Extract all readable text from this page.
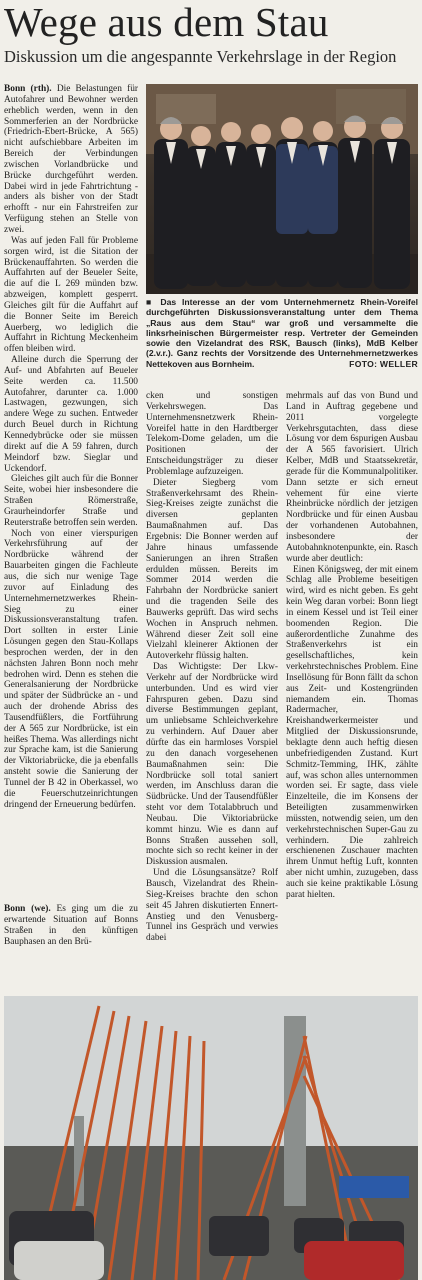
Wege aus dem Stau
Diskussion um die angespannte Verkehrslage in der Region

Bonn (rth). Die Belastungen für Autofahrer und Bewohner werden erheblich werden, wenn in den Sommerferien an der Nordbrücke (Friedrich-Ebert-Brücke, A 565) nicht aufschiebbare Arbeiten im Bereich der Verbindungen zwischen Vorlandbrücke und Brücke durchgeführt werden. Dabei wird in jede Fahrtrichtung - anders als bisher von der Stadt erhofft - nur ein Fahrstreifen zur Verfügung stehen an Stelle von zwei.

Was auf jeden Fall für Probleme sorgen wird, ist die Sitation der Brückenauffahrten. So werden die Auffahrten auf der Beueler Seite, die auf die L 269 münden bzw. abzweigen, komplett gesperrt. Gleiches gilt für die Auffahrt auf die Bonner Seite im Bereich Auerberg, wo lediglich die Auffahrt in Richtung Meckenheim offen bleiben wird.

Alleine durch die Sperrung der Auf- und Abfahrten auf Beueler Seite werden ca. 11.500 Autofahrer, darunter ca. 1.000 Lastwagen, gezwungen, sich andere Wege zu suchen. Entweder durch Beuel durch in Richtung Kennedybrücke oder sie müssen direkt auf die A 59 fahren, durch Meindorf bzw. Sieglar und Uckendorf.

Gleiches gilt auch für die Bonner Seite, wobei hier insbesondere die Straßen Römerstraße, Graurheindorfer Straße und Reuterstraße betroffen sein werden.

Noch von einer vierspurigen Verkehrsführung auf der Nordbrücke während der Bauarbeiten gingen die Fachleute aus, die sich nur wenige Tage zuvor auf Einladung des Unternehmernetzwerkes Rhein-Sieg zu einer Diskussionsveranstaltung trafen. Dort sollten in erster Linie Lösungen gegen den Stau-Kollaps besprochen werden, der in den nächsten Jahren Bonn noch mehr bedrohen wird. Denn es stehen die Generalsanierung der Nordbrücke und später der Südbrücke an - und auch der drohende Abriss des Tausendfüßlers, die Fortführung der A 565 zur Nordbrücke, ist ein heißes Thema. Was allerdings nicht zur Sprache kam, ist die Sanierung der Viktoriabrücke, die ja ebenfalls ansteht sowie die Sanierung der Tunnel der B 42 in Oberkassel, wo die Feuerschutzeinrichtungen dringend der Erneuerung bedürfen.

Bonn (we). Es ging um die zu erwartende Situation auf Bonns Straßen in den künftigen Bauphasen an den Brü-

■ Das Interesse an der vom Unternehmernetz Rhein-Voreifel durchgeführten Diskussionsveranstaltung unter dem Thema „Raus aus dem Stau“ war groß und versammelte die linksrheinischen Bürgermeister resp. Vertreter der Gemeinden sowie den Vizelandrat des RSK, Bausch (links), MdB Kelber (2.v.r.). Ganz rechts der Vorsitzende des Unternehmernetzwerkes Nettekoven aus Bornheim.	FOTO: WELLER

cken und sonstigen Verkehrswegen. Das Unternehmensnetzwerk Rhein-Voreifel hatte in den Hardtberger Telekom-Dome geladen, um die Positionen der Entscheidungsträger zu dieser Problemlage aufzuzeigen.

Dieter Siegberg vom Straßenverkehrsamt des Rhein-Sieg-Kreises zeigte zunächst die diversen geplanten Baumaßnahmen auf. Das Ergebnis: Die Bonner werden auf Jahre hinaus umfassende Sanierungen an ihren Straßen erdulden müssen. Bereits im Sommer 2014 werden die Fahrbahn der Nordbrücke saniert und die tragenden Seile des Bauwerks geprüft. Das wird sechs Wochen in Anspruch nehmen. Während dieser Zeit soll eine Vielzahl kleinerer Aktionen der Autoverkehr flüssig halten.

Das Wichtigste: Der Lkw-Verkehr auf der Nordbrücke wird unterbunden. Und es wird vier Fahrspuren geben. Dazu sind diverse Bestimmungen geplant, um unliebsame Schleichverkehre zu verhindern. Auf Dauer aber dürfte das ein harmloses Vorspiel zu den danach vorgesehenen Baumaßnahmen sein: Die Nordbrücke soll total saniert werden, im Anschluss daran die Südbrücke. Und der Tausendfüßler steht vor dem Totalabbruch und Neubau. Die Viktoriabrücke kommt hinzu. Wie es dann auf Bonns Straßen aussehen soll, mochte sich so recht keiner in der Diskussion ausmalen.

Und die Lösungsansätze? Rolf Bausch, Vizelandrat des Rhein-Sieg-Kreises brachte den schon seit 45 Jahren diskutierten Ennert-Anstieg und den Venusberg-Tunnel ins Gespräch und verwies dabei

mehrmals auf das von Bund und Land in Auftrag gegebene und 2011 vorgelegte Verkehrsgutachten, dass diese Lösung vor dem 6spurigen Ausbau der A 565 favorisiert. Ulrich Kelber, MdB und Staatssekretär, gerade für die Kommunalpolitiker. Dann setzte er sich erneut vehement für eine vierte Rheinbrücke nördlich der jetzigen Nordbrücke und für einen Ausbau der vorhandenen Autobahnen, insbesondere der Autobahnknotenpunkte, ein. Rasch wurde aber deutlich:

Einen Königsweg, der mit einem Schlag alle Probleme beseitigen wird, wird es nicht geben. Es geht kein Weg daran vorbei: Bonn liegt in einem Kessel und ist Teil einer boomenden Region. Die außerordentliche Zunahme des Straßenverkehrs ist ein gesellschaftliches, kein verkehrstechnisches Problem. Eine Insellösung für Bonn fällt da schon aus Zeit- und Kostengründen niemandem ein. Thomas Radermacher, Kreishandwerkermeister und Mitglied der Diskussionsrunde, beklagte denn auch heftig diesen unbefriedigenden Zustand. Kurt Schmitz-Temming, IHK, zählte auf, was schon alles unternommen worden sei. Er sagte, dass viele Einzelteile, die im Konsens der Beteiligten zusammenwirken müssten, notwendig seien, um den verkehrstechnischen Super-Gau zu verhindern. Die zahlreich erschienenen Zuschauer machten ihrem Unmut heftig Luft, konnten aber nicht umhin, zuzugeben, dass auch sie keine praktikable Lösung parat hielten.
